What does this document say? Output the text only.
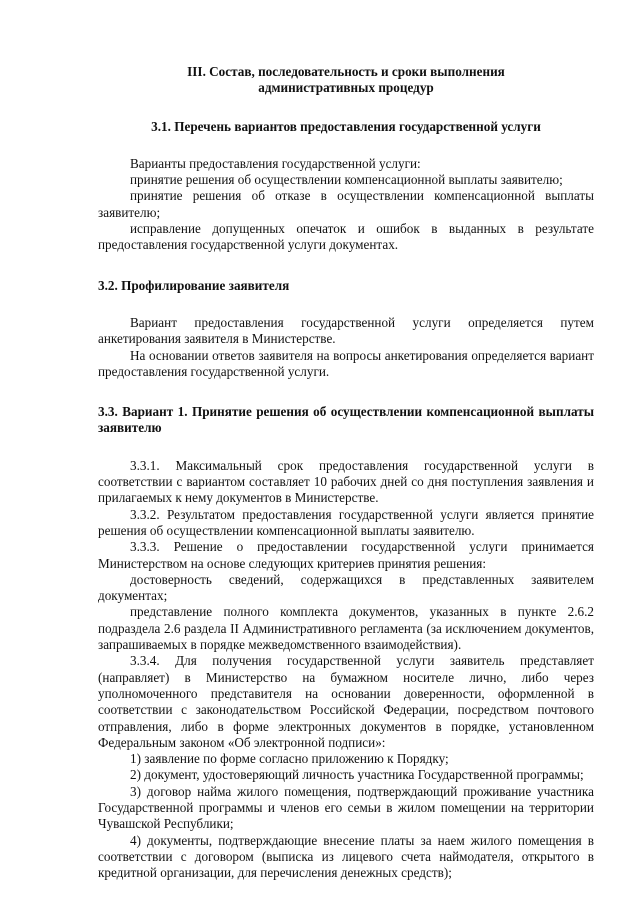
III. Состав, последовательность и сроки выполнения
административных процедур
3.1. Перечень вариантов предоставления государственной услуги

Варианты предоставления государственной услуги:

принятие решения об осуществлении компенсационной выплаты заявителю;

принятие решения об отказе в осуществлении компенсационной выплаты заявителю;

исправление допущенных опечаток и ошибок в выданных в результате предоставления государственной услуги документах.

3.2. Профилирование заявителя

Вариант предоставления государственной услуги определяется путем анкетирования заявителя в Министерстве.

На основании ответов заявителя на вопросы анкетирования определяется вариант предоставления государственной услуги.

3.3. Вариант 1. Принятие решения об осуществлении компенсационной выплаты заявителю

3.3.1. Максимальный срок предоставления государственной услуги в соответствии с вариантом составляет 10 рабочих дней со дня поступления заявления и прилагаемых к нему документов в Министерстве.

3.3.2. Результатом предоставления государственной услуги является принятие решения об осуществлении компенсационной выплаты заявителю.

3.3.3. Решение о предоставлении государственной услуги принимается Министерством на основе следующих критериев принятия решения:

достоверность сведений, содержащихся в представленных заявителем документах;

представление полного комплекта документов, указанных в пункте 2.6.2 подраздела 2.6 раздела II Административного регламента (за исключением документов, запрашиваемых в порядке межведомственного взаимодействия).

3.3.4. Для получения государственной услуги заявитель представляет (направляет) в Министерство на бумажном носителе лично, либо через уполномоченного представителя на основании доверенности, оформленной в соответствии с законодательством Российской Федерации, посредством почтового отправления, либо в форме электронных документов в порядке, установленном Федеральным законом «Об электронной подписи»:

1) заявление по форме согласно приложению к Порядку;

2) документ, удостоверяющий личность участника Государственной программы;

3) договор найма жилого помещения, подтверждающий проживание участника Государственной программы и членов его семьи в жилом помещении на территории Чувашской Республики;

4) документы, подтверждающие внесение платы за наем жилого помещения в соответствии с договором (выписка из лицевого счета наймодателя, открытого в кредитной организации, для перечисления денежных средств);
